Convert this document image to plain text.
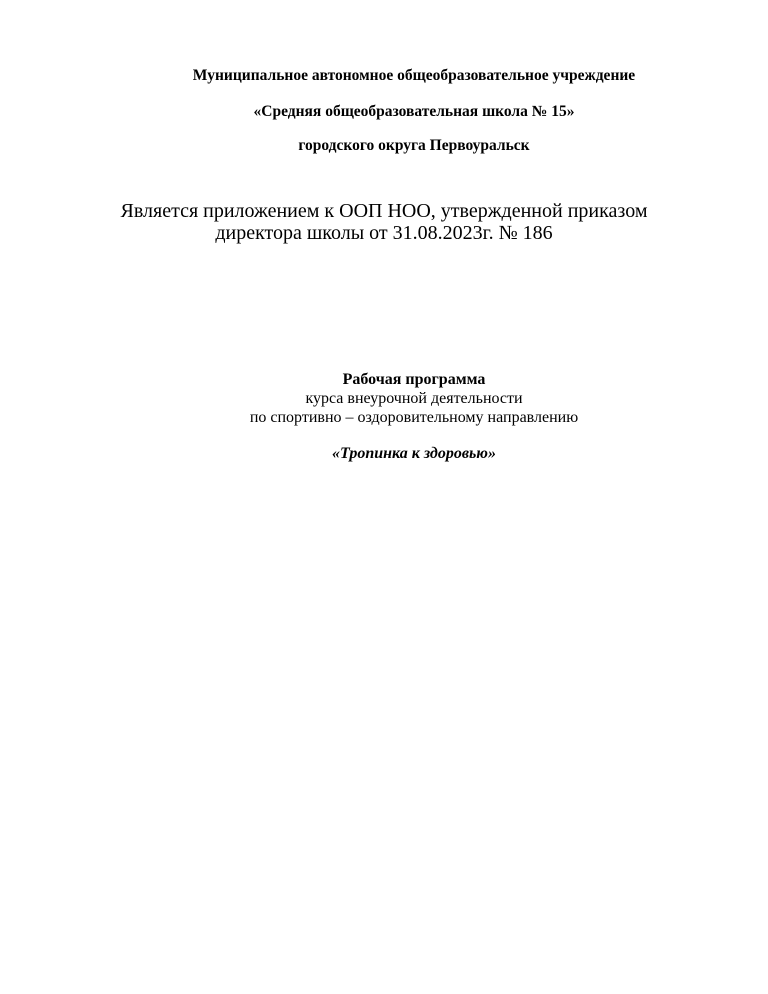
Муниципальное автономное общеобразовательное учреждение
«Средняя общеобразовательная школа № 15»
городского округа Первоуральск
Является приложением к ООП НОО, утвержденной приказом
директора школы от 31.08.2023г. № 186
Рабочая программа
курса внеурочной деятельности
по спортивно – оздоровительному направлению
«Тропинка к здоровью»
